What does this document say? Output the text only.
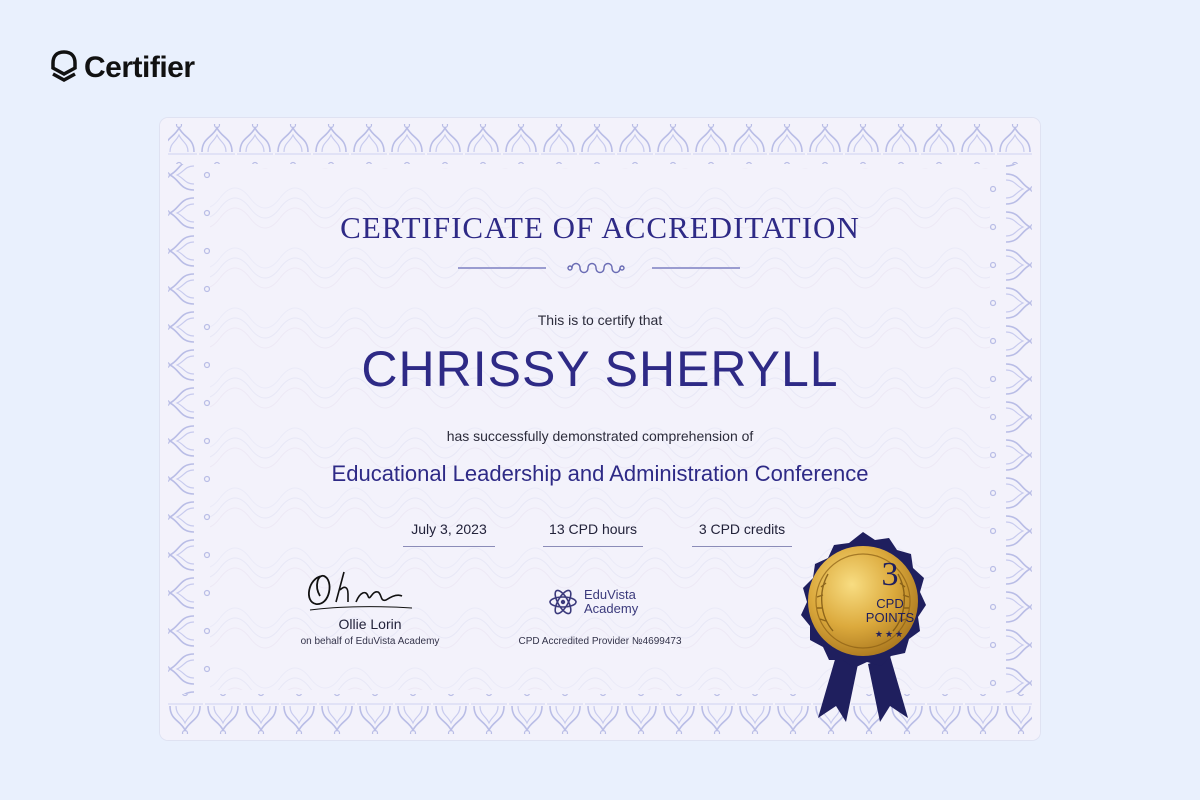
Certifier
CERTIFICATE OF ACCREDITATION
This is to certify that
CHRISSY SHERYLL
has successfully demonstrated comprehension of
Educational Leadership and Administration Conference
July 3, 2023	13 CPD hours	3 CPD credits
Ollie Lorin
on behalf of EduVista Academy
EduVista
Academy
CPD Accredited Provider №4699473
3
CPD
POINTS
★★★
